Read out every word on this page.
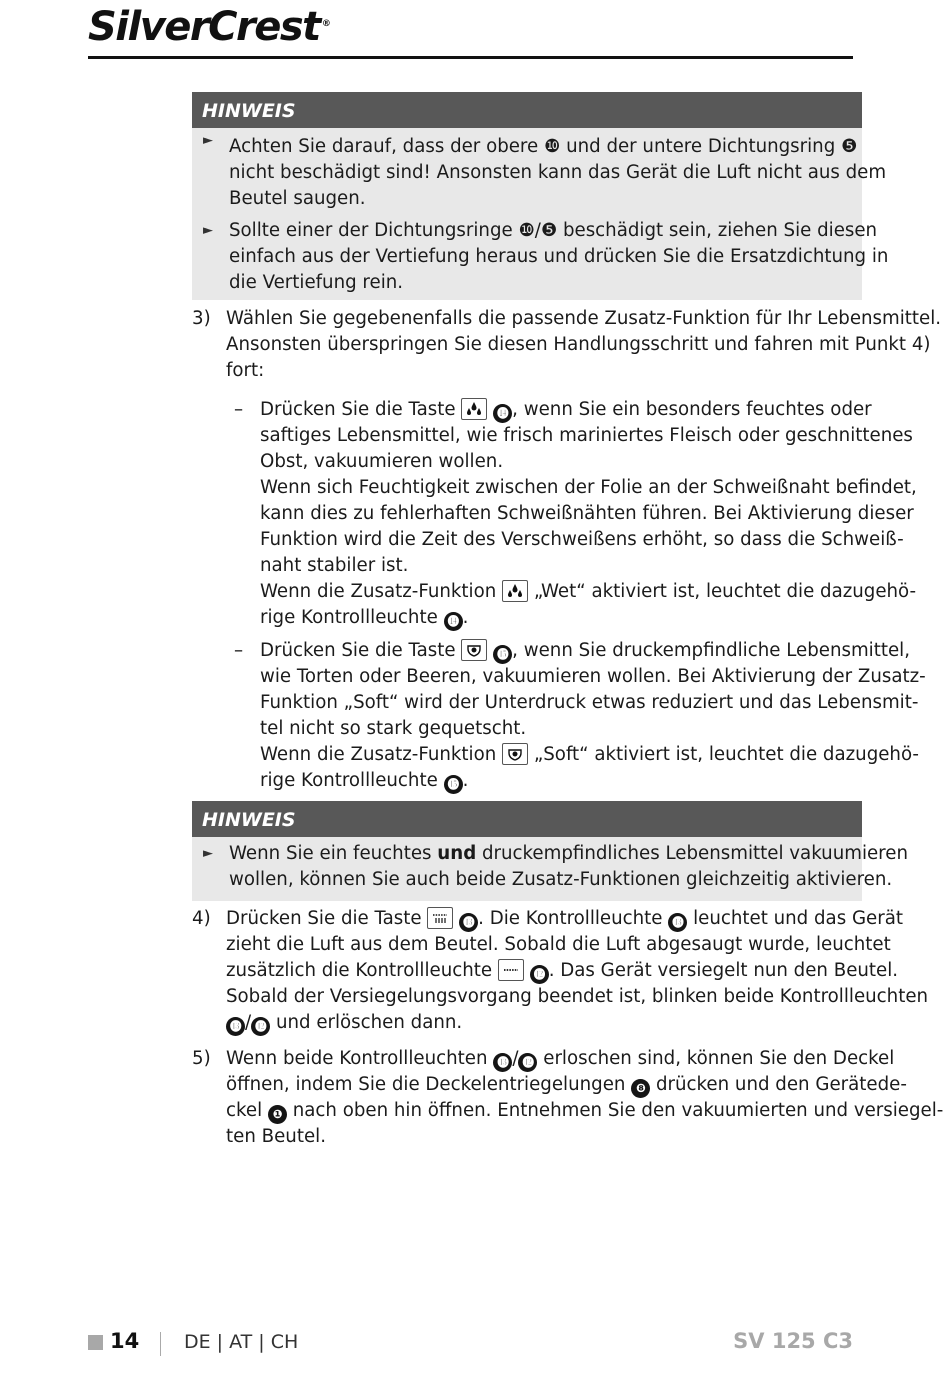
SilverCrest ®
HINWEIS
► Achten Sie darauf, dass der obere ❿ und der untere Dichtungsring ❺
nicht beschädigt sind! Ansonsten kann das Gerät die Luft nicht aus dem
Beutel saugen.
► Sollte einer der Dichtungsringe ❿/❺ beschädigt sein, ziehen Sie diesen
einfach aus der Vertiefung heraus und drücken Sie die Ersatzdichtung in
die Vertiefung rein.
3) Wählen Sie gegebenenfalls die passende Zusatz-Funktion für Ihr Lebensmittel.
Ansonsten überspringen Sie diesen Handlungsschritt und fahren mit Punkt 4)
fort:
– Drücken Sie die Taste	⓮ , wenn Sie ein besonders feuchtes oder
saftiges Lebensmittel, wie frisch mariniertes Fleisch oder geschnittenes
Obst, vakuumieren wollen.
Wenn sich Feuchtigkeit zwischen der Folie an der Schweißnaht befindet,
kann dies zu fehlerhaften Schweißnähten führen. Bei Aktivierung dieser
Funktion wird die Zeit des Verschweißens erhöht, so dass die Schweiß-
naht stabiler ist.
Wenn die Zusatz-Funktion „Wet“ aktiviert ist, leuchtet die dazugehö-
rige Kontrollleuchte ⓮ .
– Drücken Sie die Taste	⓯ , wenn Sie druckempfindliche Lebensmittel,
wie Torten oder Beeren, vakuumieren wollen. Bei Aktivierung der Zusatz-
Funktion „Soft“ wird der Unterdruck etwas reduziert und das Lebensmit-
tel nicht so stark gequetscht.
Wenn die Zusatz-Funktion „Soft“ aktiviert ist, leuchtet die dazugehö-
rige Kontrollleuchte ⓯ .
HINWEIS
► Wenn Sie ein feuchtes und druckempfindliches Lebensmittel vakuumieren
wollen, können Sie auch beide Zusatz-Funktionen gleichzeitig aktivieren.
4) Drücken Sie die Taste	⓭ . Die Kontrollleuchte ⓭ leuchtet und das Gerät
zieht die Luft aus dem Beutel. Sobald die Luft abgesaugt wurde, leuchtet
zusätzlich die Kontrollleuchte	⓬ . Das Gerät versiegelt nun den Beutel.
Sobald der Versiegelungsvorgang beendet ist, blinken beide Kontrollleuchten
⓭ / ⓬ und erlöschen dann.
5) Wenn beide Kontrollleuchten ⓭ / ⓬ erloschen sind, können Sie den Deckel
öffnen, indem Sie die Deckelentriegelungen ❽ drücken und den Gerätede-
ckel ❶ nach oben hin öffnen. Entnehmen Sie den vakuumierten und versiegel-
ten Beutel.
14 DE | AT | CH	SV 125 C3
